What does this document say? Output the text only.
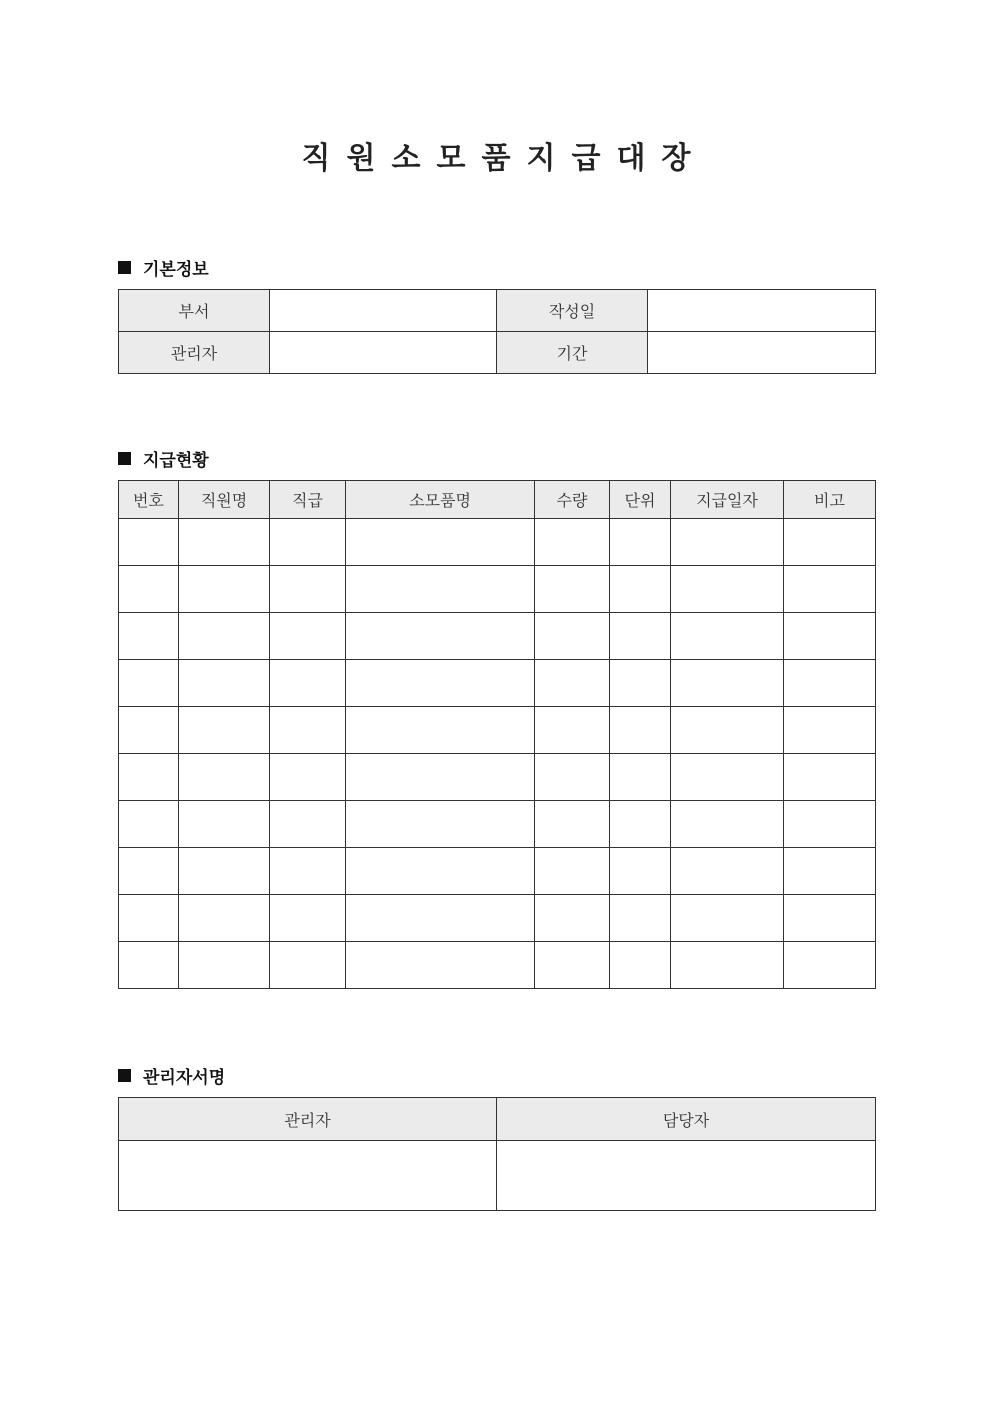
직 원 소 모 품 지 급 대 장
기본정보
부서		작성일	
관리자		기간	
지급현황
번호	직원명	직급	소모품명	수량	단위	지급일자	비고

관리자서명
관리자	담당자
